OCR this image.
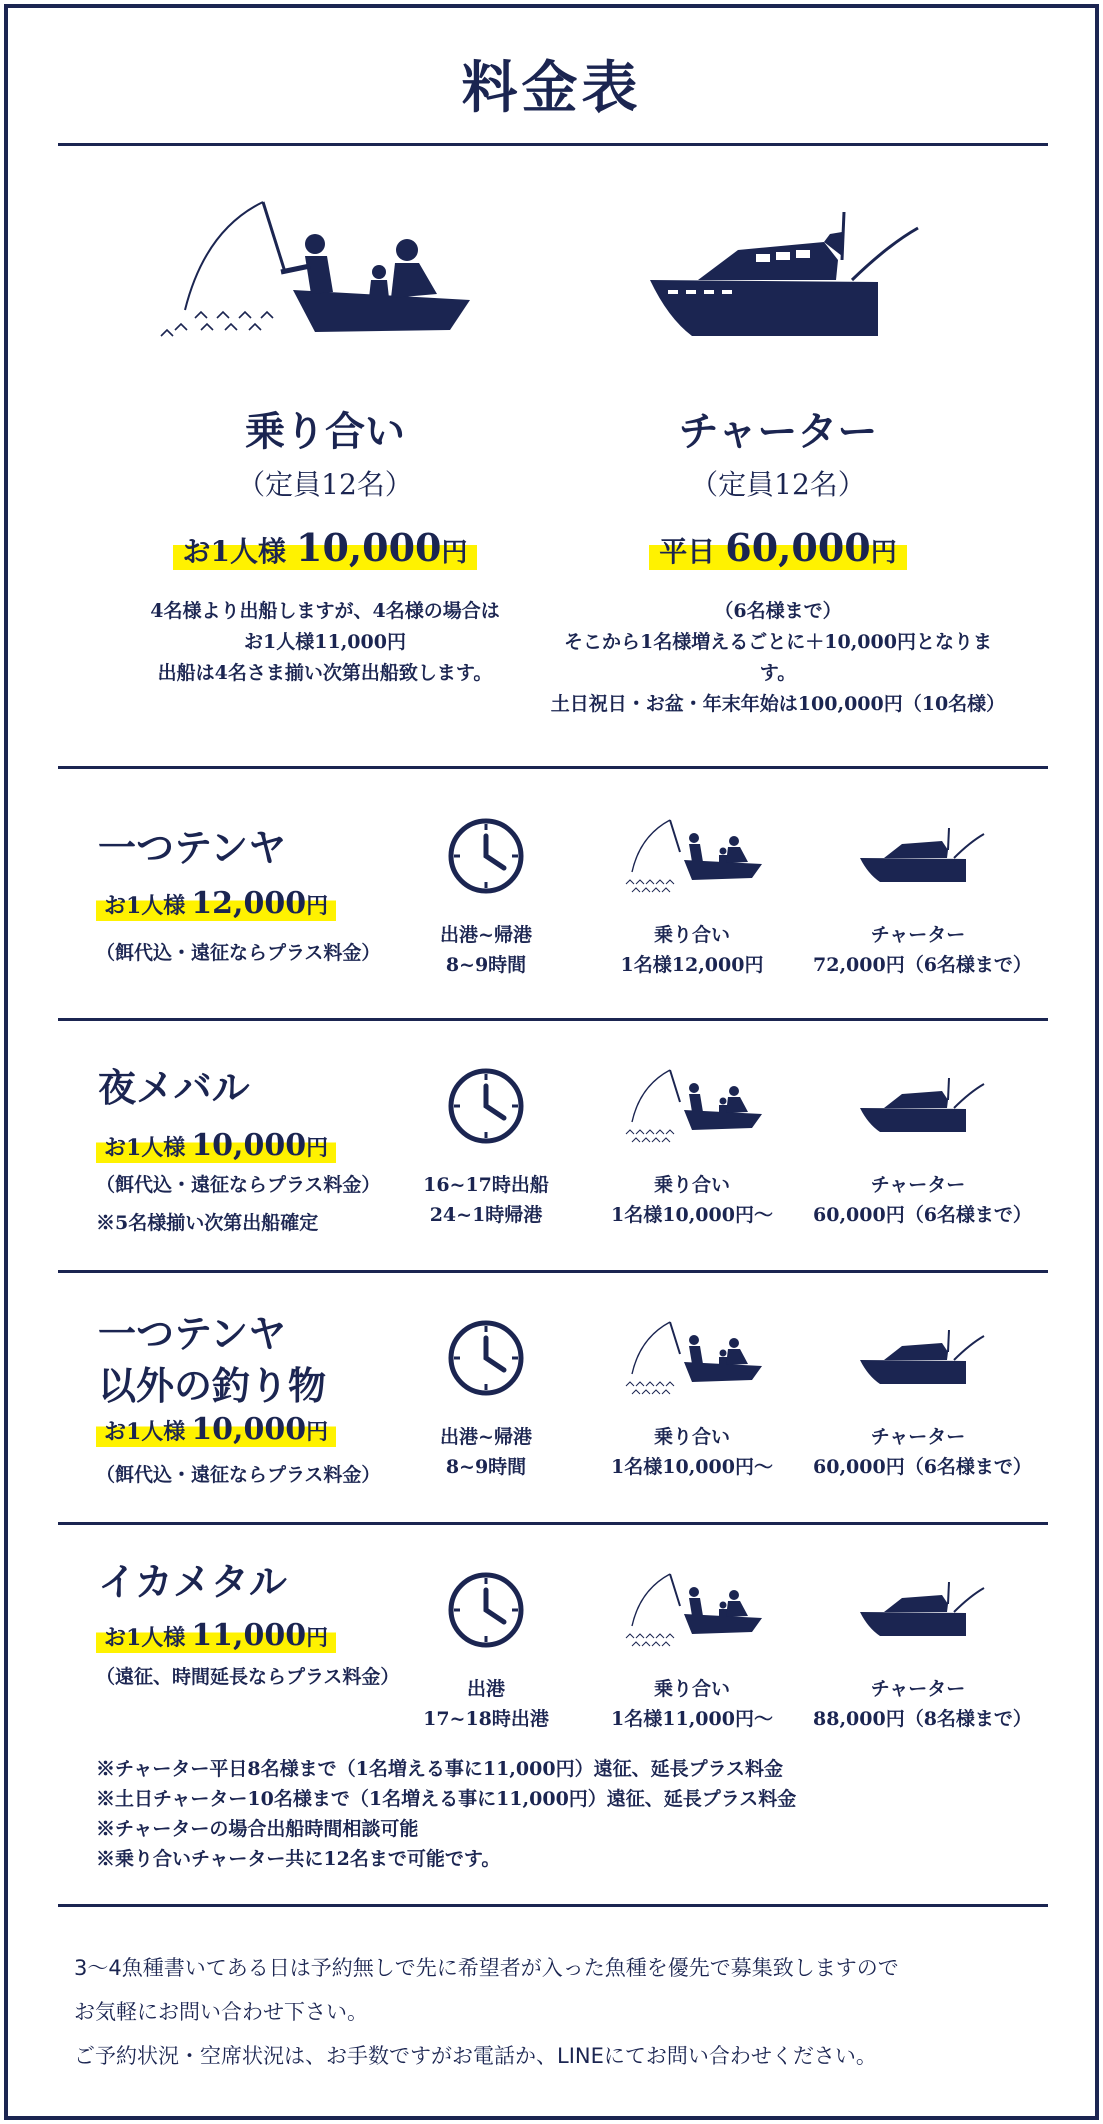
料金表
乗り合い
（定員12名）
お1人様 10,000円
4名様より出船しますが、4名様の場合は
お1人様11,000円
出船は4名さま揃い次第出船致します。
チャーター
（定員12名）
平日 60,000円
（6名様まで）
そこから1名様増えるごとに＋10,000円となります。
土日祝日・お盆・年末年始は100,000円（10名様）
一つテンヤ
お1人様 12,000円
（餌代込・遠征ならプラス料金）
出港~帰港
8~9時間
乗り合い
1名様12,000円
チャーター
72,000円（6名様まで）
夜メバル
お1人様 10,000円
（餌代込・遠征ならプラス料金）
※5名様揃い次第出船確定
16~17時出船
24~1時帰港
乗り合い
1名様10,000円～
チャーター
60,000円（6名様まで）
一つテンヤ
以外の釣り物
お1人様 10,000円
（餌代込・遠征ならプラス料金）
出港~帰港
8~9時間
乗り合い
1名様10,000円～
チャーター
60,000円（6名様まで）
イカメタル
お1人様 11,000円
（遠征、時間延長ならプラス料金）
出港
17~18時出港
乗り合い
1名様11,000円～
チャーター
88,000円（8名様まで）
※チャーター平日8名様まで（1名増える事に11,000円）遠征、延長プラス料金
※土日チャーター10名様まで（1名増える事に11,000円）遠征、延長プラス料金
※チャーターの場合出船時間相談可能
※乗り合いチャーター共に12名まで可能です。
3～4魚種書いてある日は予約無しで先に希望者が入った魚種を優先で募集致しますので
お気軽にお問い合わせ下さい。
ご予約状況・空席状況は、お手数ですがお電話か、LINEにてお問い合わせください。
